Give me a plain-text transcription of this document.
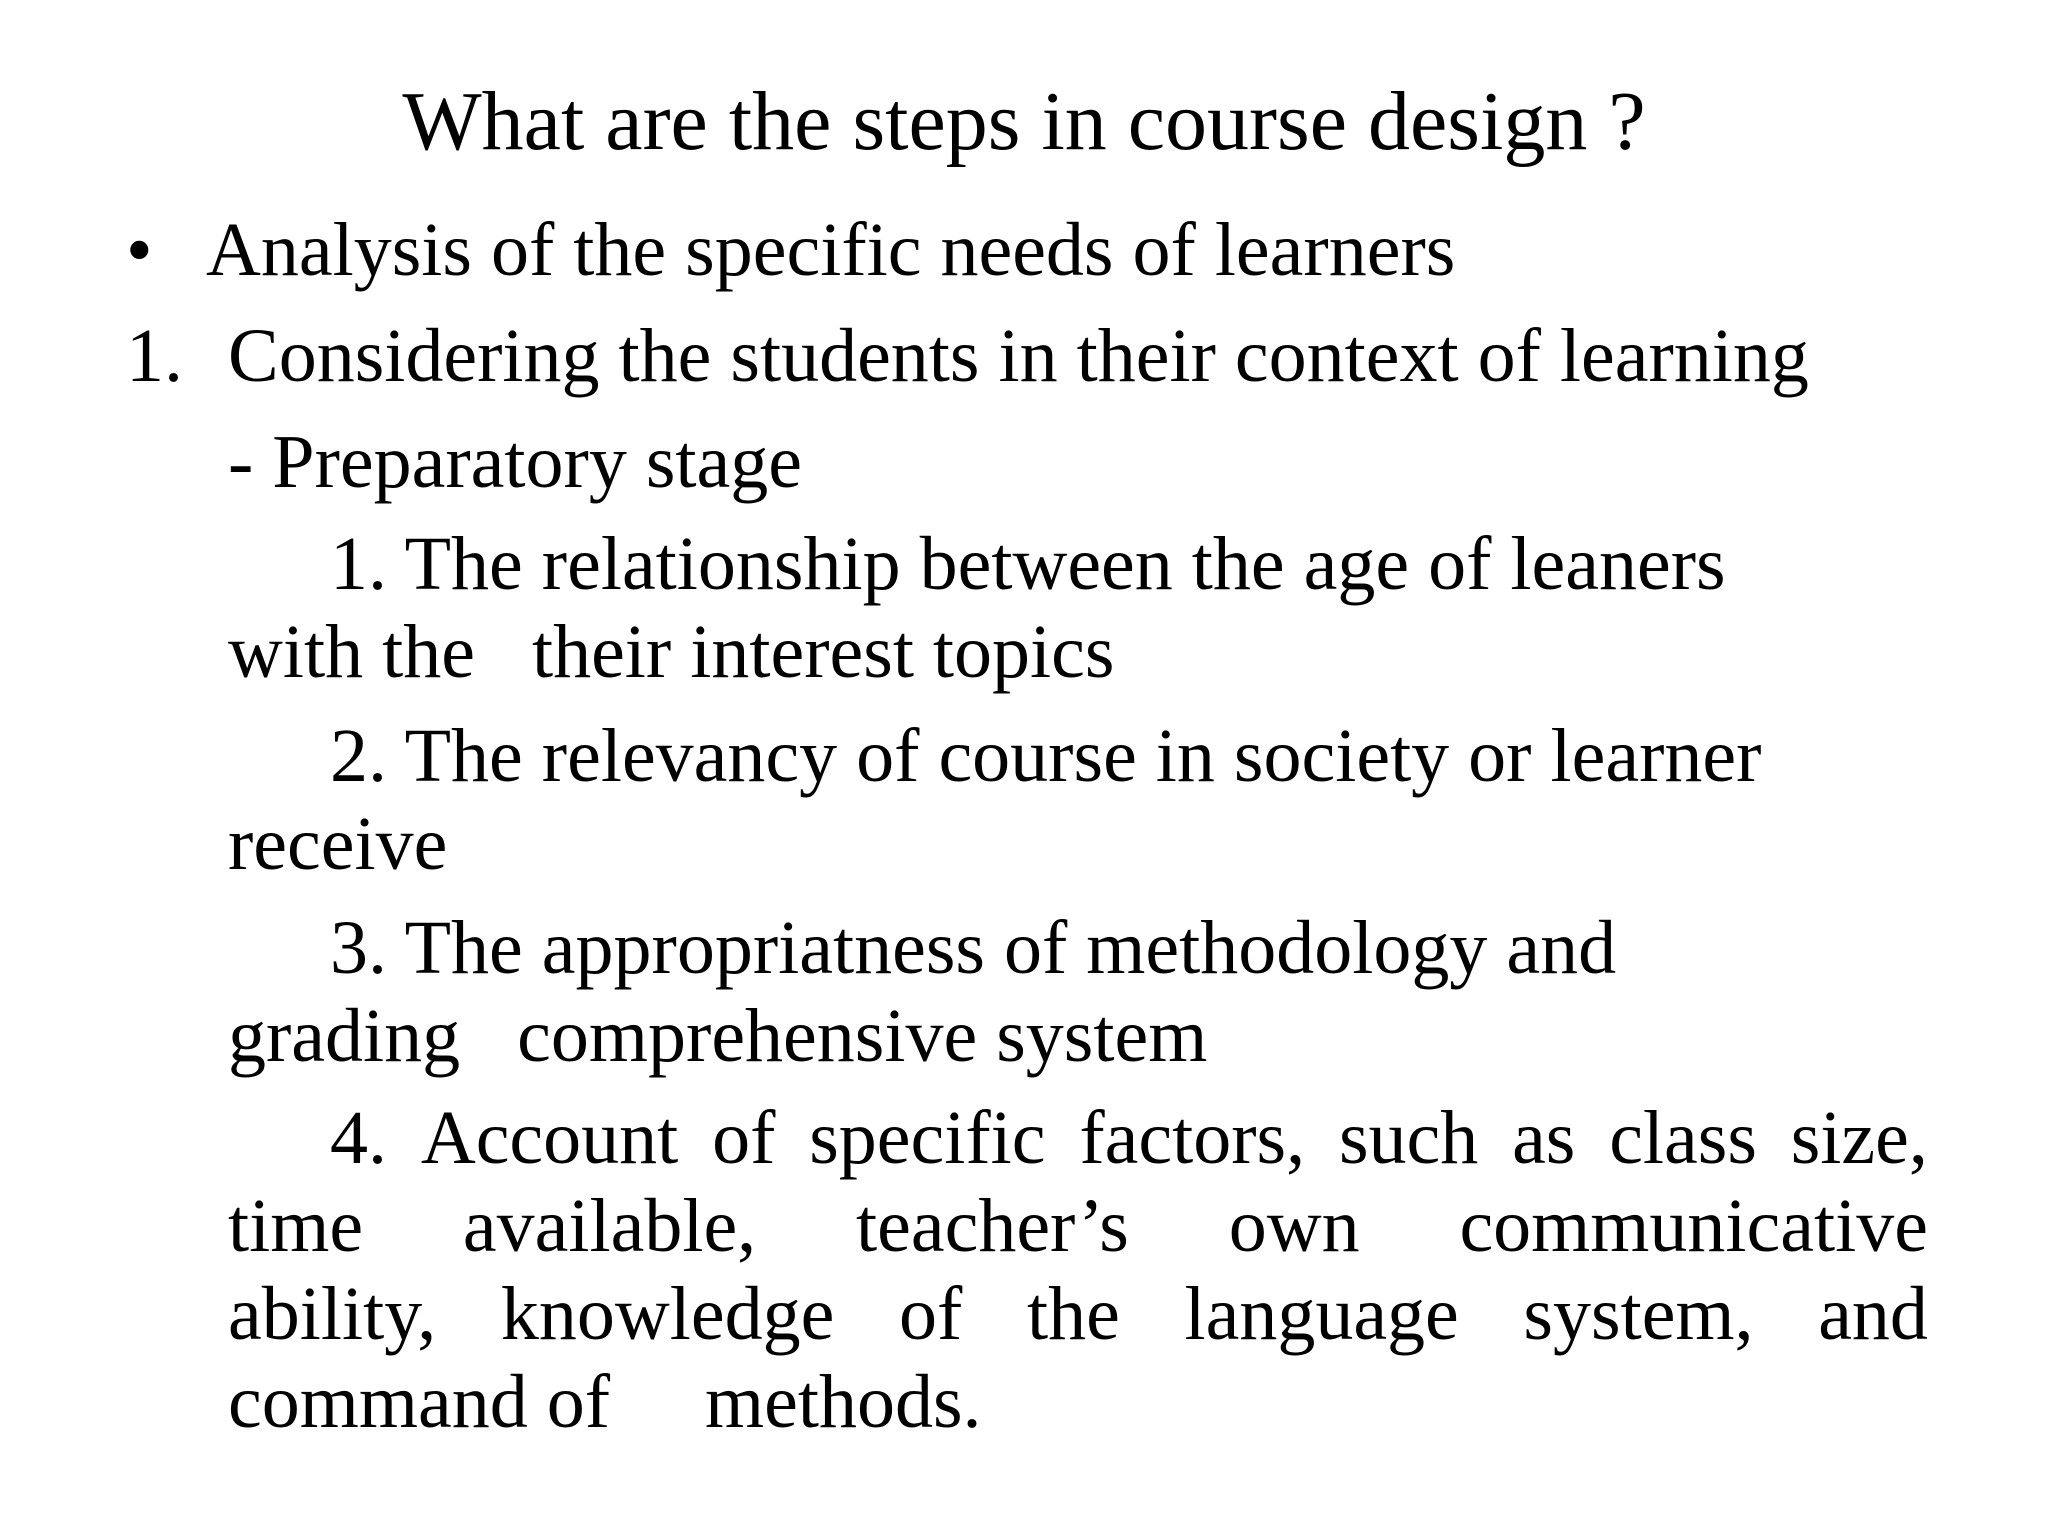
What are the steps in course design ?
• Analysis of the specific needs of learners
1. Considering the students in their context of learning
- Preparatory stage
1. The relationship between the age of leaners
with the   their interest topics
2. The relevancy of course in society or learner
receive
3. The appropriatness of methodology and
grading   comprehensive system
4. Account of specific factors, such as class size,
time available, teacher’s own communicative
ability, knowledge of the language system, and
command of     methods.
